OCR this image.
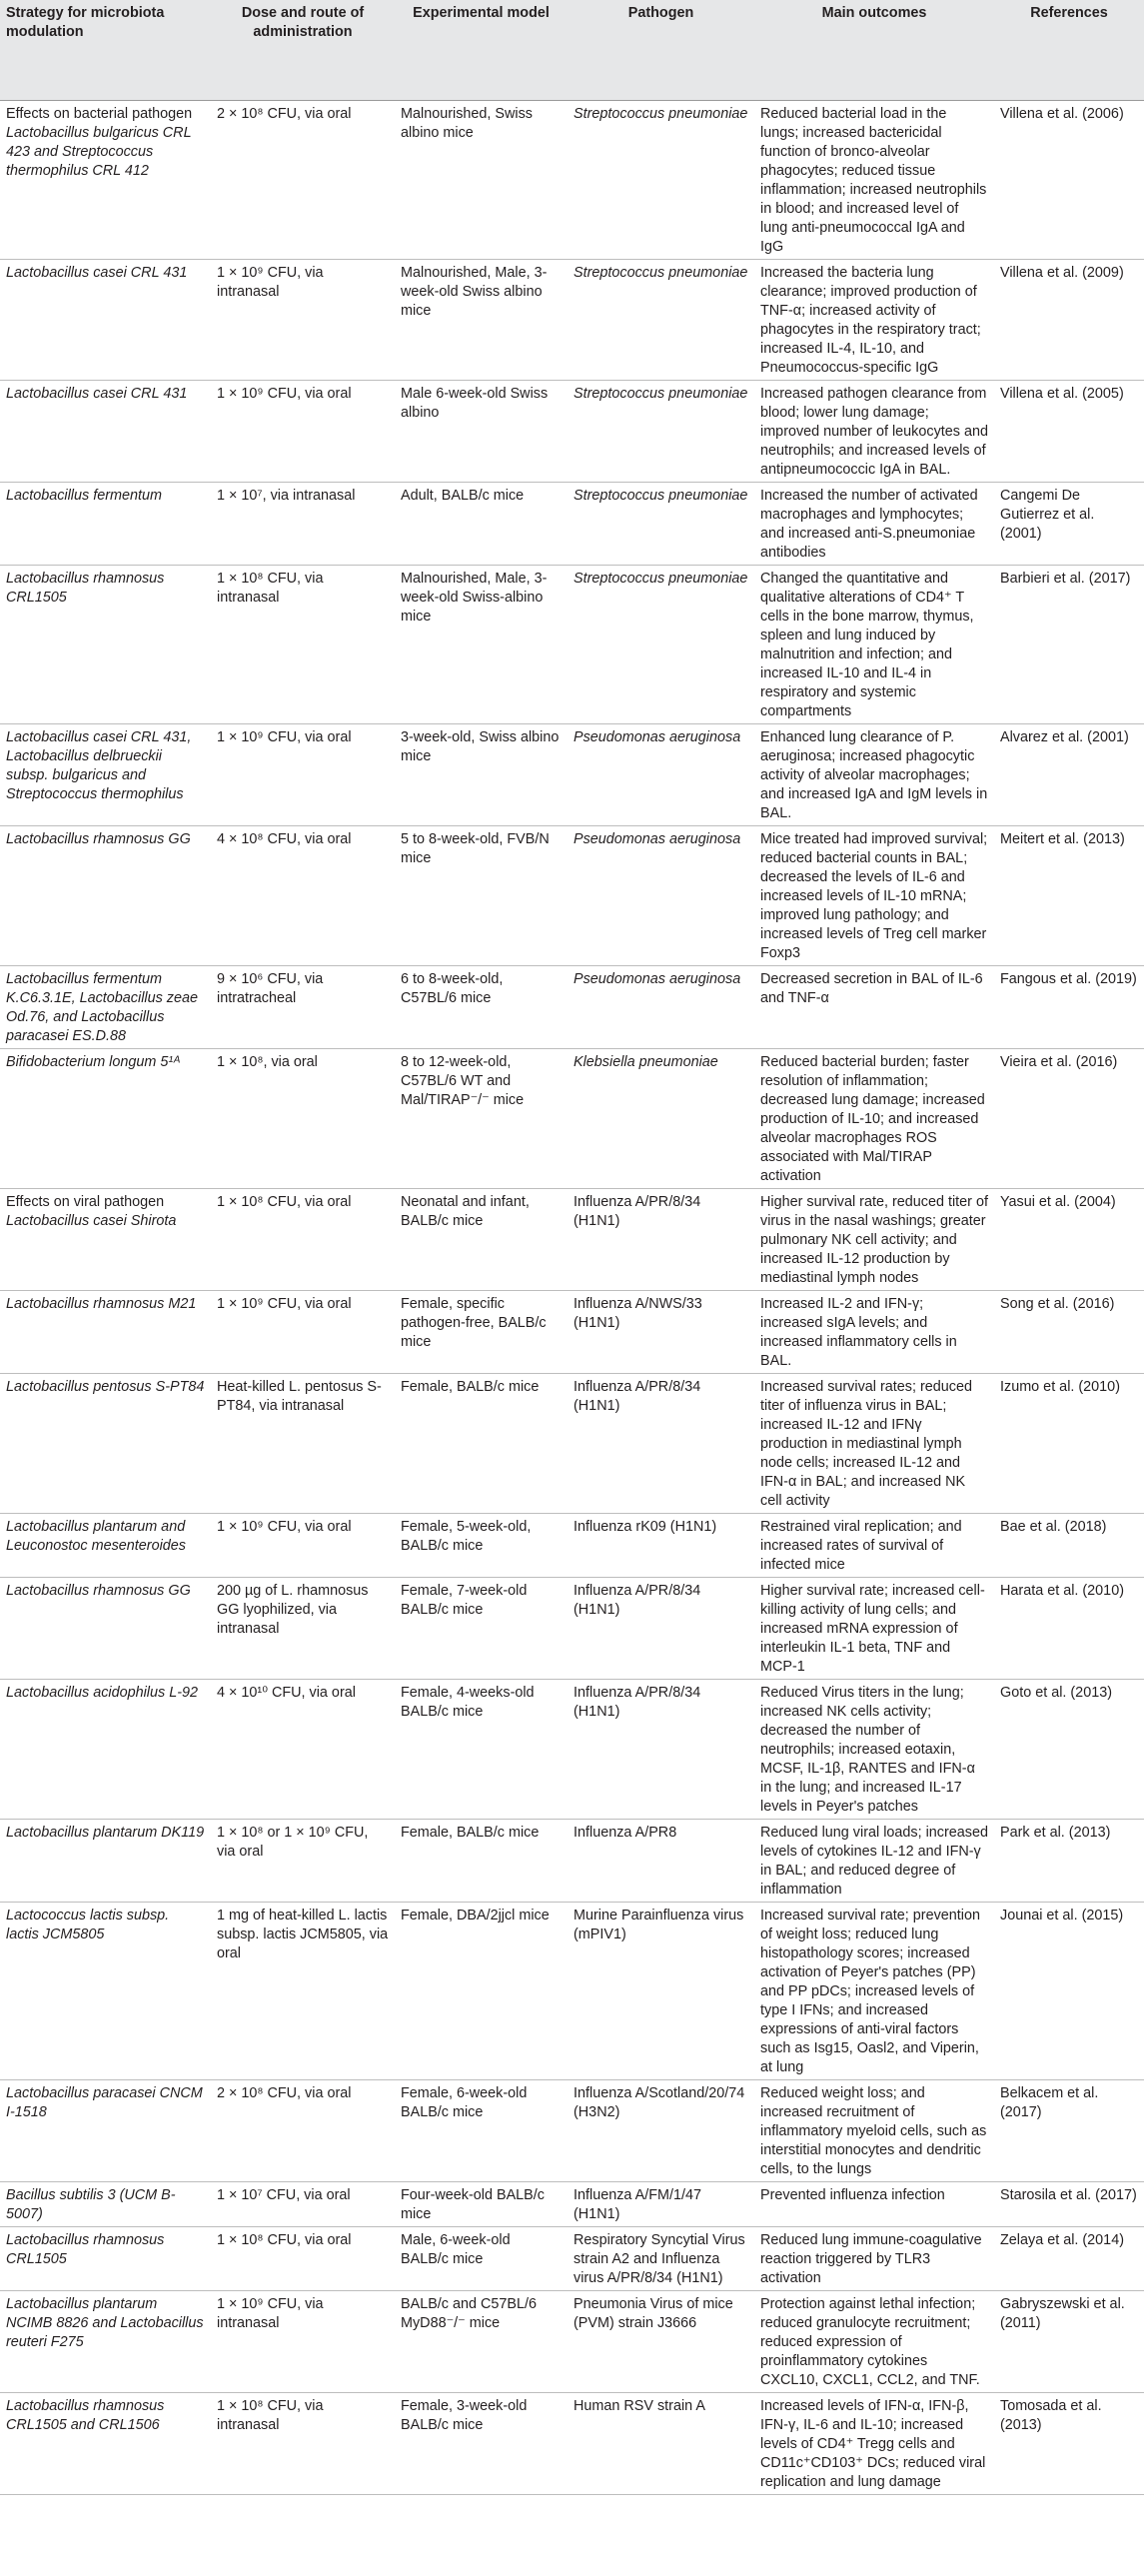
Strategy for microbiota modulation	Dose and route of administration	Experimental model	Pathogen	Main outcomes	References

Effects on bacterial pathogen
Lactobacillus bulgaricus CRL 423 and Streptococcus thermophilus CRL 412	2 × 10⁸ CFU, via oral	Malnourished, Swiss albino mice	Streptococcus pneumoniae	Reduced bacterial load in the lungs; increased bactericidal function of bronco-alveolar phagocytes; reduced tissue inflammation; increased neutrophils in blood; and increased level of lung anti-pneumococcal IgA and IgG	Villena et al. (2006)

Lactobacillus casei CRL 431	1 × 10⁹ CFU, via intranasal	Malnourished, Male, 3-week-old Swiss albino mice	Streptococcus pneumoniae	Increased the bacteria lung clearance; improved production of TNF-α; increased activity of phagocytes in the respiratory tract; increased IL-4, IL-10, and Pneumococcus-specific IgG	Villena et al. (2009)

Lactobacillus casei CRL 431	1 × 10⁹ CFU, via oral	Male 6-week-old Swiss albino	Streptococcus pneumoniae	Increased pathogen clearance from blood; lower lung damage; improved number of leukocytes and neutrophils; and increased levels of antipneumococcic IgA in BAL.	Villena et al. (2005)

Lactobacillus fermentum	1 × 10⁷, via intranasal	Adult, BALB/c mice	Streptococcus pneumoniae	Increased the number of activated macrophages and lymphocytes; and increased anti-S.pneumoniae antibodies	Cangemi De Gutierrez et al. (2001)

Lactobacillus rhamnosus CRL1505	1 × 10⁸ CFU, via intranasal	Malnourished, Male, 3-week-old Swiss-albino mice	Streptococcus pneumoniae	Changed the quantitative and qualitative alterations of CD4⁺ T cells in the bone marrow, thymus, spleen and lung induced by malnutrition and infection; and increased IL-10 and IL-4 in respiratory and systemic compartments	Barbieri et al. (2017)

Lactobacillus casei CRL 431, Lactobacillus delbrueckii subsp. bulgaricus and Streptococcus thermophilus	1 × 10⁹ CFU, via oral	3-week-old, Swiss albino mice	Pseudomonas aeruginosa	Enhanced lung clearance of P. aeruginosa; increased phagocytic activity of alveolar macrophages; and increased IgA and IgM levels in BAL.	Alvarez et al. (2001)

Lactobacillus rhamnosus GG	4 × 10⁸ CFU, via oral	5 to 8-week-old, FVB/N mice	Pseudomonas aeruginosa	Mice treated had improved survival; reduced bacterial counts in BAL; decreased the levels of IL-6 and increased levels of IL-10 mRNA; improved lung pathology; and increased levels of Treg cell marker Foxp3	Meitert et al. (2013)

Lactobacillus fermentum K.C6.3.1E, Lactobacillus zeae Od.76, and Lactobacillus paracasei ES.D.88	9 × 10⁶ CFU, via intratracheal	6 to 8-week-old, C57BL/6 mice	Pseudomonas aeruginosa	Decreased secretion in BAL of IL-6 and TNF-α	Fangous et al. (2019)

Bifidobacterium longum 5¹ᴬ	1 × 10⁸, via oral	8 to 12-week-old, C57BL/6 WT and Mal/TIRAP⁻/⁻ mice	Klebsiella pneumoniae	Reduced bacterial burden; faster resolution of inflammation; decreased lung damage; increased production of IL-10; and increased alveolar macrophages ROS associated with Mal/TIRAP activation	Vieira et al. (2016)

Effects on viral pathogen
Lactobacillus casei Shirota	1 × 10⁸ CFU, via oral	Neonatal and infant, BALB/c mice	Influenza A/PR/8/34 (H1N1)	Higher survival rate, reduced titer of virus in the nasal washings; greater pulmonary NK cell activity; and increased IL-12 production by mediastinal lymph nodes	Yasui et al. (2004)

Lactobacillus rhamnosus M21	1 × 10⁹ CFU, via oral	Female, specific pathogen-free, BALB/c mice	Influenza A/NWS/33 (H1N1)	Increased IL-2 and IFN-γ; increased sIgA levels; and increased inflammatory cells in BAL.	Song et al. (2016)

Lactobacillus pentosus S-PT84	Heat-killed L. pentosus S-PT84, via intranasal	Female, BALB/c mice	Influenza A/PR/8/34 (H1N1)	Increased survival rates; reduced titer of influenza virus in BAL; increased IL-12 and IFNγ production in mediastinal lymph node cells; increased IL-12 and IFN-α in BAL; and increased NK cell activity	Izumo et al. (2010)

Lactobacillus plantarum and Leuconostoc mesenteroides	1 × 10⁹ CFU, via oral	Female, 5-week-old, BALB/c mice	Influenza rK09 (H1N1)	Restrained viral replication; and increased rates of survival of infected mice	Bae et al. (2018)

Lactobacillus rhamnosus GG	200 µg of L. rhamnosus GG lyophilized, via intranasal	Female, 7-week-old BALB/c mice	Influenza A/PR/8/34 (H1N1)	Higher survival rate; increased cell-killing activity of lung cells; and increased mRNA expression of interleukin IL-1 beta, TNF and MCP-1	Harata et al. (2010)

Lactobacillus acidophilus L-92	4 × 10¹⁰ CFU, via oral	Female, 4-weeks-old BALB/c mice	Influenza A/PR/8/34 (H1N1)	Reduced Virus titers in the lung; increased NK cells activity; decreased the number of neutrophils; increased eotaxin, MCSF, IL-1β, RANTES and IFN-α in the lung; and increased IL-17 levels in Peyer's patches	Goto et al. (2013)

Lactobacillus plantarum DK119	1 × 10⁸ or 1 × 10⁹ CFU, via oral	Female, BALB/c mice	Influenza A/PR8	Reduced lung viral loads; increased levels of cytokines IL-12 and IFN-γ in BAL; and reduced degree of inflammation	Park et al. (2013)

Lactococcus lactis subsp. lactis JCM5805	1 mg of heat-killed L. lactis subsp. lactis JCM5805, via oral	Female, DBA/2jjcl mice	Murine Parainfluenza virus (mPIV1)	Increased survival rate; prevention of weight loss; reduced lung histopathology scores; increased activation of Peyer's patches (PP) and PP pDCs; increased levels of type I IFNs; and increased expressions of anti-viral factors such as Isg15, Oasl2, and Viperin, at lung	Jounai et al. (2015)

Lactobacillus paracasei CNCM I-1518	2 × 10⁸ CFU, via oral	Female, 6-week-old BALB/c mice	Influenza A/Scotland/20/74 (H3N2)	Reduced weight loss; and increased recruitment of inflammatory myeloid cells, such as interstitial monocytes and dendritic cells, to the lungs	Belkacem et al. (2017)

Bacillus subtilis 3 (UCM B-5007)	1 × 10⁷ CFU, via oral	Four-week-old BALB/c mice	Influenza A/FM/1/47 (H1N1)	Prevented influenza infection	Starosila et al. (2017)

Lactobacillus rhamnosus CRL1505	1 × 10⁸ CFU, via oral	Male, 6-week-old BALB/c mice	Respiratory Syncytial Virus strain A2 and Influenza virus A/PR/8/34 (H1N1)	Reduced lung immune-coagulative reaction triggered by TLR3 activation	Zelaya et al. (2014)

Lactobacillus plantarum NCIMB 8826 and Lactobacillus reuteri F275	1 × 10⁹ CFU, via intranasal	BALB/c and C57BL/6 MyD88⁻/⁻ mice	Pneumonia Virus of mice (PVM) strain J3666	Protection against lethal infection; reduced granulocyte recruitment; reduced expression of proinflammatory cytokines CXCL10, CXCL1, CCL2, and TNF.	Gabryszewski et al. (2011)

Lactobacillus rhamnosus CRL1505 and CRL1506	1 × 10⁸ CFU, via intranasal	Female, 3-week-old BALB/c mice	Human RSV strain A	Increased levels of IFN-α, IFN-β, IFN-γ, IL-6 and IL-10; increased levels of CD4⁺ Tregg cells and CD11c⁺CD103⁺ DCs; reduced viral replication and lung damage	Tomosada et al. (2013)
